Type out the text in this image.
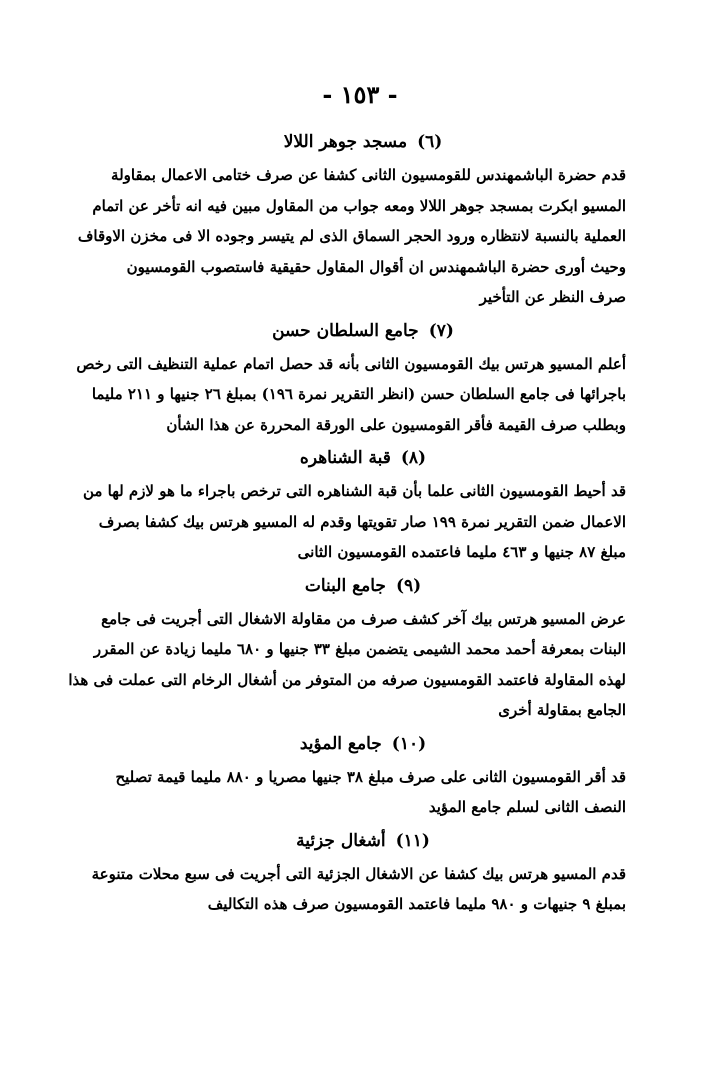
- ١٥٣ -
(٦)مسجد جوهر اللالا

قدم حضرة الباشمهندس للقومسيون الثانى كشفا عن صرف ختامى الاعمال بمقاولة
المسيو ابكرت بمسجد جوهر اللالا ومعه جواب من المقاول مبين فيه انه تأخر عن اتمام
العملية بالنسبة لانتظاره ورود الحجر السماق الذى لم يتيسر وجوده الا فى مخزن الاوقاف
وحيث أورى حضرة الباشمهندس ان أقوال المقاول حقيقية فاستصوب القومسيون
صرف النظر عن التأخير

(٧)جامع السلطان حسن

أعلم المسيو هرتس بيك القومسيون الثانى بأنه قد حصل اتمام عملية التنظيف التى رخص
باجرائها فى جامع السلطان حسن (انظر التقرير نمرة ١٩٦) بمبلغ ٢٦ جنيها و ٢١١ مليما
وبطلب صرف القيمة فأقر القومسيون على الورقة المحررة عن هذا الشأن

(٨)قبة الشناهره

قد أحيط القومسيون الثانى علما بأن قبة الشناهره التى ترخص باجراء ما هو لازم لها من
الاعمال ضمن التقرير نمرة ١٩٩ صار تقويتها وقدم له المسيو هرتس بيك كشفا بصرف
مبلغ ٨٧ جنيها و ٤٦٣ مليما فاعتمده القومسيون الثانى

(٩)جامع البنات

عرض المسيو هرتس بيك آخر كشف صرف من مقاولة الاشغال التى أجريت فى جامع
البنات بمعرفة أحمد محمد الشيمى يتضمن مبلغ ٣٣ جنيها و ٦٨٠ مليما زيادة عن المقرر
لهذه المقاولة فاعتمد القومسيون صرفه من المتوفر من أشغال الرخام التى عملت فى هذا
الجامع بمقاولة أخرى

(١٠)جامع المؤيد

قد أقر القومسيون الثانى على صرف مبلغ ٣٨ جنيها مصريا و ٨٨٠ مليما قيمة تصليح
النصف الثانى لسلم جامع المؤيد

(١١)أشغال جزئية

قدم المسيو هرتس بيك كشفا عن الاشغال الجزئية التى أجريت فى سبع محلات متنوعة
بمبلغ ٩ جنيهات و ٩٨٠ مليما فاعتمد القومسيون صرف هذه التكاليف
